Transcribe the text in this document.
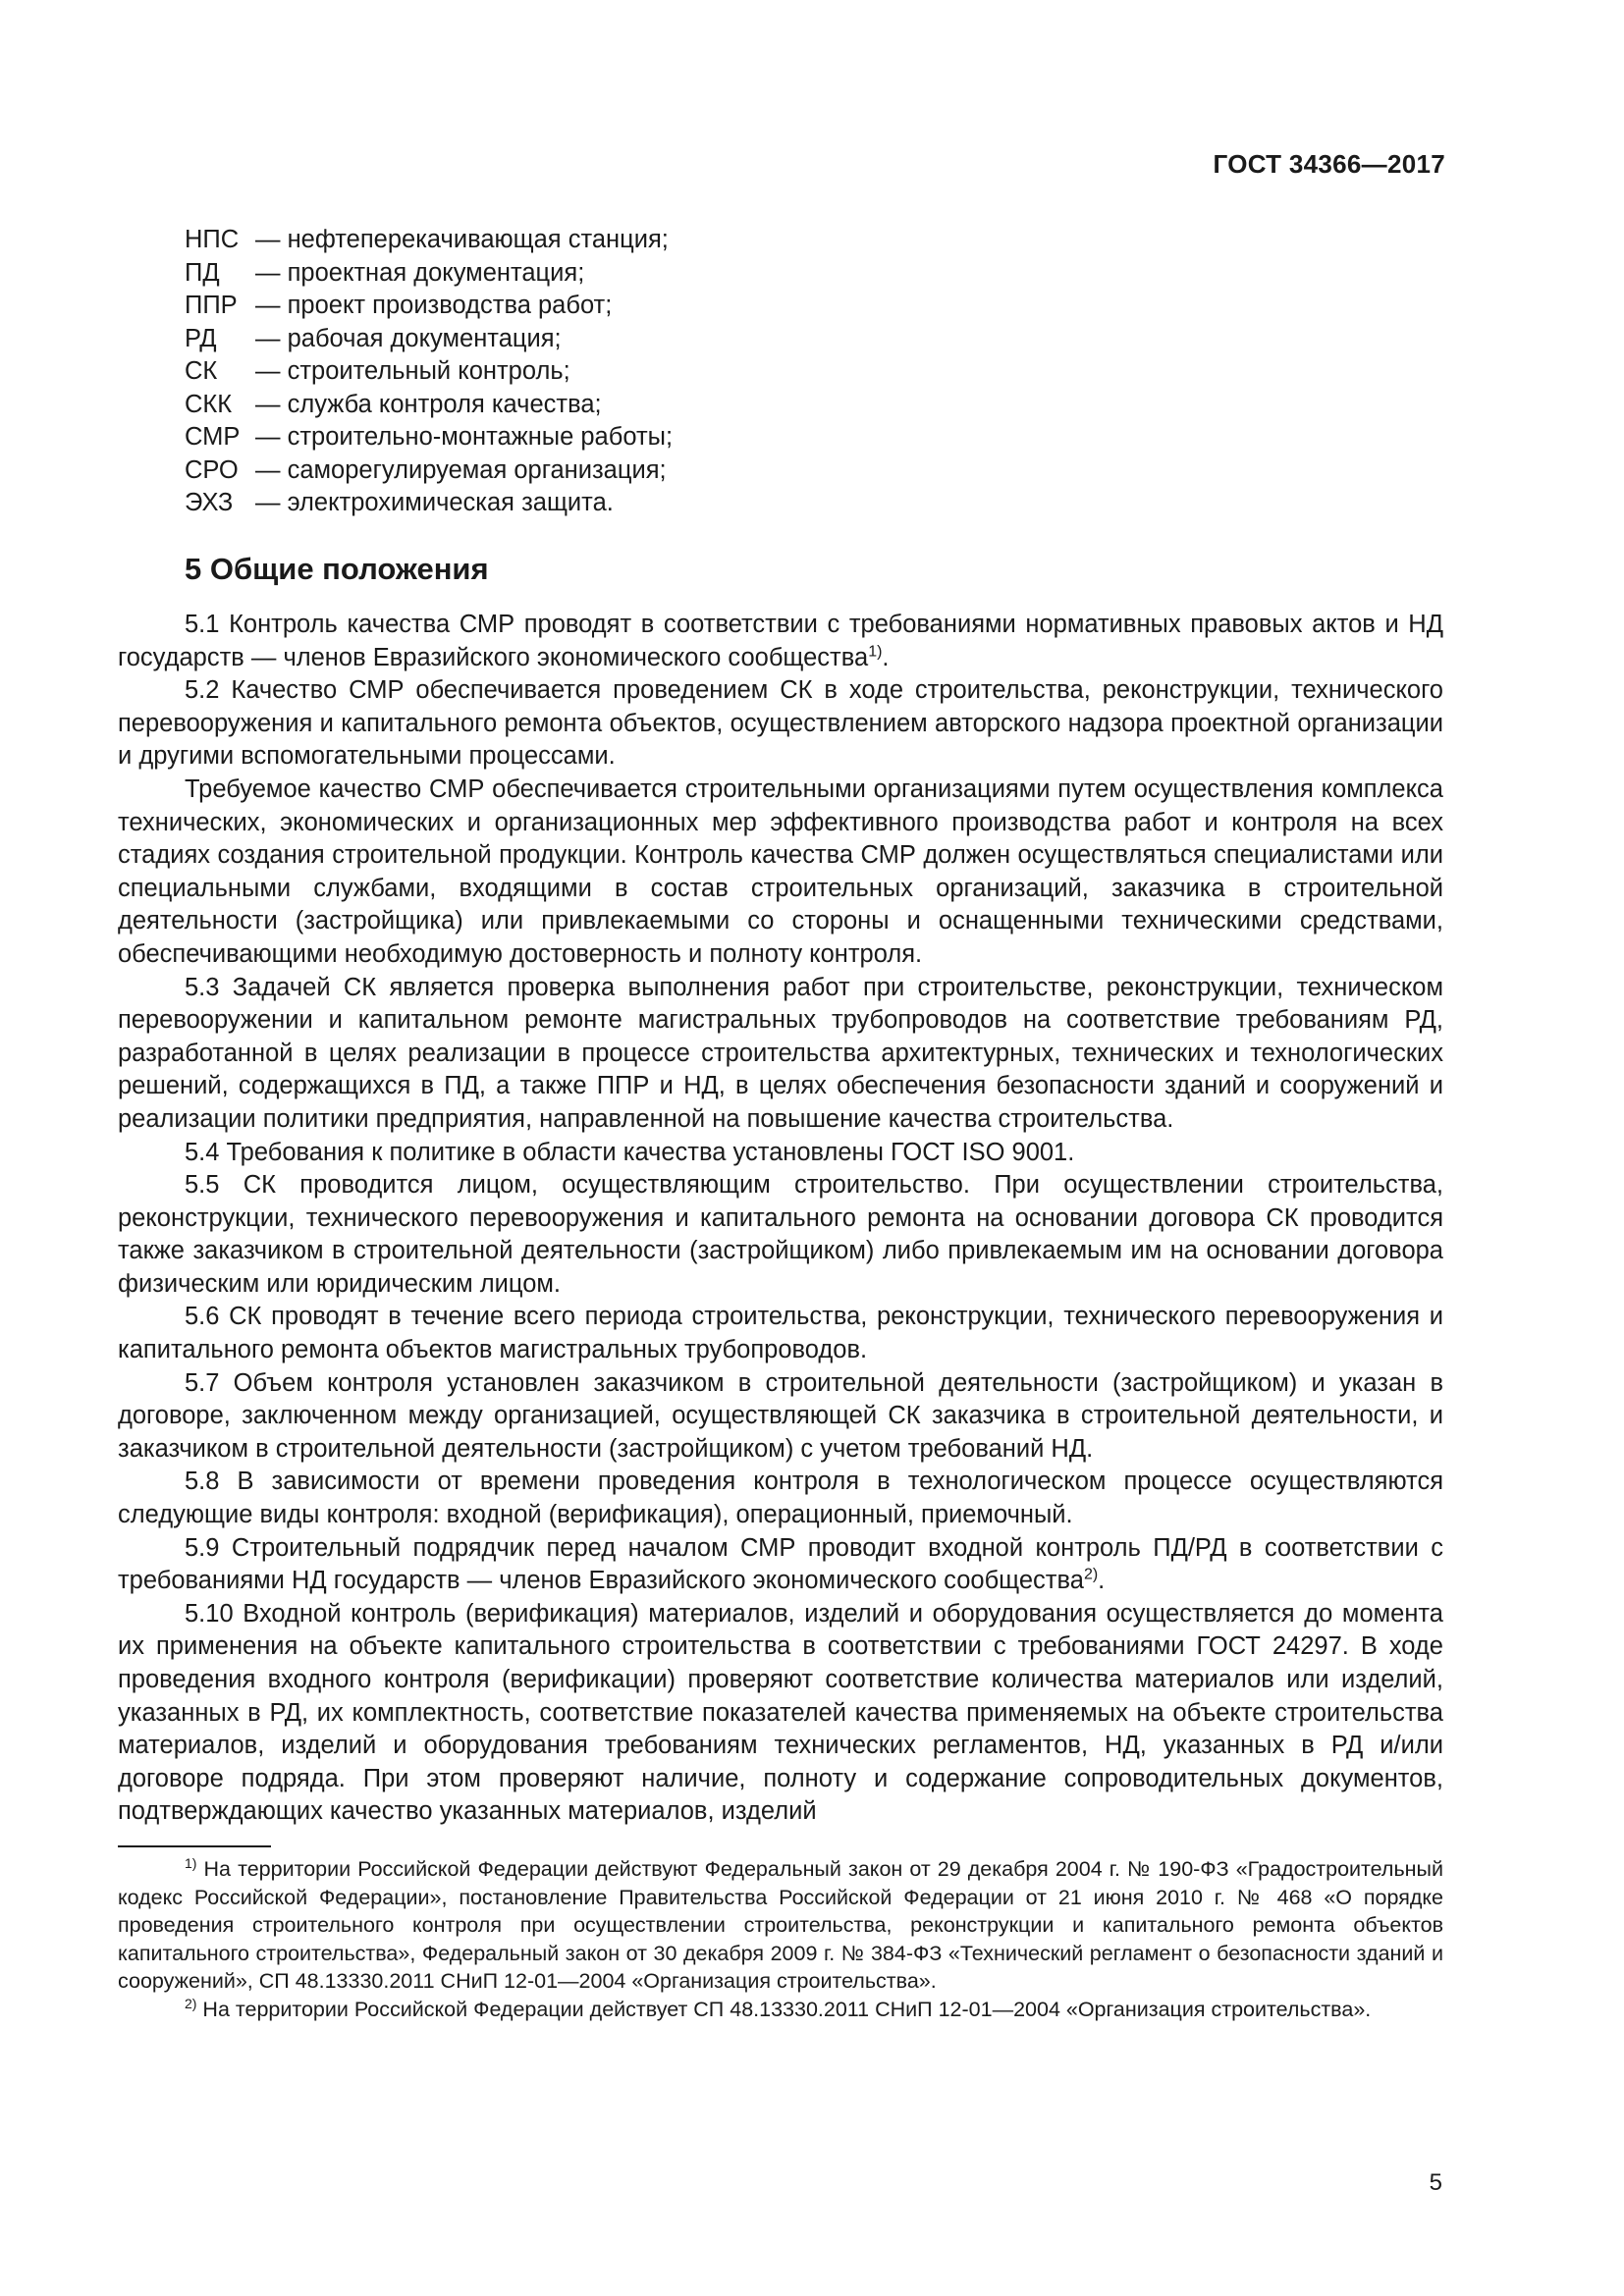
ГОСТ 34366—2017
НПС — нефтеперекачивающая станция;
ПД	— проектная документация;
ППР — проект производства работ;
РД	— рабочая документация;
СК	— строительный контроль;
СКК — служба контроля качества;
СМР — строительно-монтажные работы;
СРО — саморегулируемая организация;
ЭХЗ — электрохимическая защита.
5 Общие положения

5.1 Контроль качества СМР проводят в соответствии с требованиями нормативных правовых актов и НД государств — членов Евразийского экономического сообщества$^{1)}$.

5.2 Качество СМР обеспечивается проведением СК в ходе строительства, реконструкции, технического перевооружения и капитального ремонта объектов, осуществлением авторского надзора проектной организации и другими вспомогательными процессами.

Требуемое качество СМР обеспечивается строительными организациями путем осуществления комплекса технических, экономических и организационных мер эффективного производства работ и контроля на всех стадиях создания строительной продукции. Контроль качества СМР должен осуществляться специалистами или специальными службами, входящими в состав строительных организаций, заказчика в строительной деятельности (застройщика) или привлекаемыми со стороны и оснащенными техническими средствами, обеспечивающими необходимую достоверность и полноту контроля.

5.3 Задачей СК является проверка выполнения работ при строительстве, реконструкции, техническом перевооружении и капитальном ремонте магистральных трубопроводов на соответствие требованиям РД, разработанной в целях реализации в процессе строительства архитектурных, технических и технологических решений, содержащихся в ПД, а также ППР и НД, в целях обеспечения безопасности зданий и сооружений и реализации политики предприятия, направленной на повышение качества строительства.

5.4 Требования к политике в области качества установлены ГОСТ ISO 9001.

5.5 СК проводится лицом, осуществляющим строительство. При осуществлении строительства, реконструкции, технического перевооружения и капитального ремонта на основании договора СК проводится также заказчиком в строительной деятельности (застройщиком) либо привлекаемым им на основании договора физическим или юридическим лицом.

5.6 СК проводят в течение всего периода строительства, реконструкции, технического перевооружения и капитального ремонта объектов магистральных трубопроводов.

5.7 Объем контроля установлен заказчиком в строительной деятельности (застройщиком) и указан в договоре, заключенном между организацией, осуществляющей СК заказчика в строительной деятельности, и заказчиком в строительной деятельности (застройщиком) с учетом требований НД.

5.8 В зависимости от времени проведения контроля в технологическом процессе осуществляются следующие виды контроля: входной (верификация), операционный, приемочный.

5.9 Строительный подрядчик перед началом СМР проводит входной контроль ПД/РД в соответствии с требованиями НД государств — членов Евразийского экономического сообщества$^{2)}$.

5.10 Входной контроль (верификация) материалов, изделий и оборудования осуществляется до момента их применения на объекте капитального строительства в соответствии с требованиями ГОСТ 24297. В ходе проведения входного контроля (верификации) проверяют соответствие количества материалов или изделий, указанных в РД, их комплектность, соответствие показателей качества применяемых на объекте строительства материалов, изделий и оборудования требованиям технических регламентов, НД, указанных в РД и/или договоре подряда. При этом проверяют наличие, полноту и содержание сопроводительных документов, подтверждающих качество указанных материалов, изделий

$^{1)}$ На территории Российской Федерации действуют Федеральный закон от 29 декабря 2004 г. № 190-ФЗ «Градостроительный кодекс Российской Федерации», постановление Правительства Российской Федерации от 21 июня 2010 г. № 468 «О порядке проведения строительного контроля при осуществлении строительства, реконструкции и капитального ремонта объектов капитального строительства», Федеральный закон от 30 декабря 2009 г. № 384-ФЗ «Технический регламент о безопасности зданий и сооружений», СП 48.13330.2011 СНиП 12-01—2004 «Организация строительства».

$^{2)}$ На территории Российской Федерации действует СП 48.13330.2011 СНиП 12-01—2004 «Организация строительства».

5
